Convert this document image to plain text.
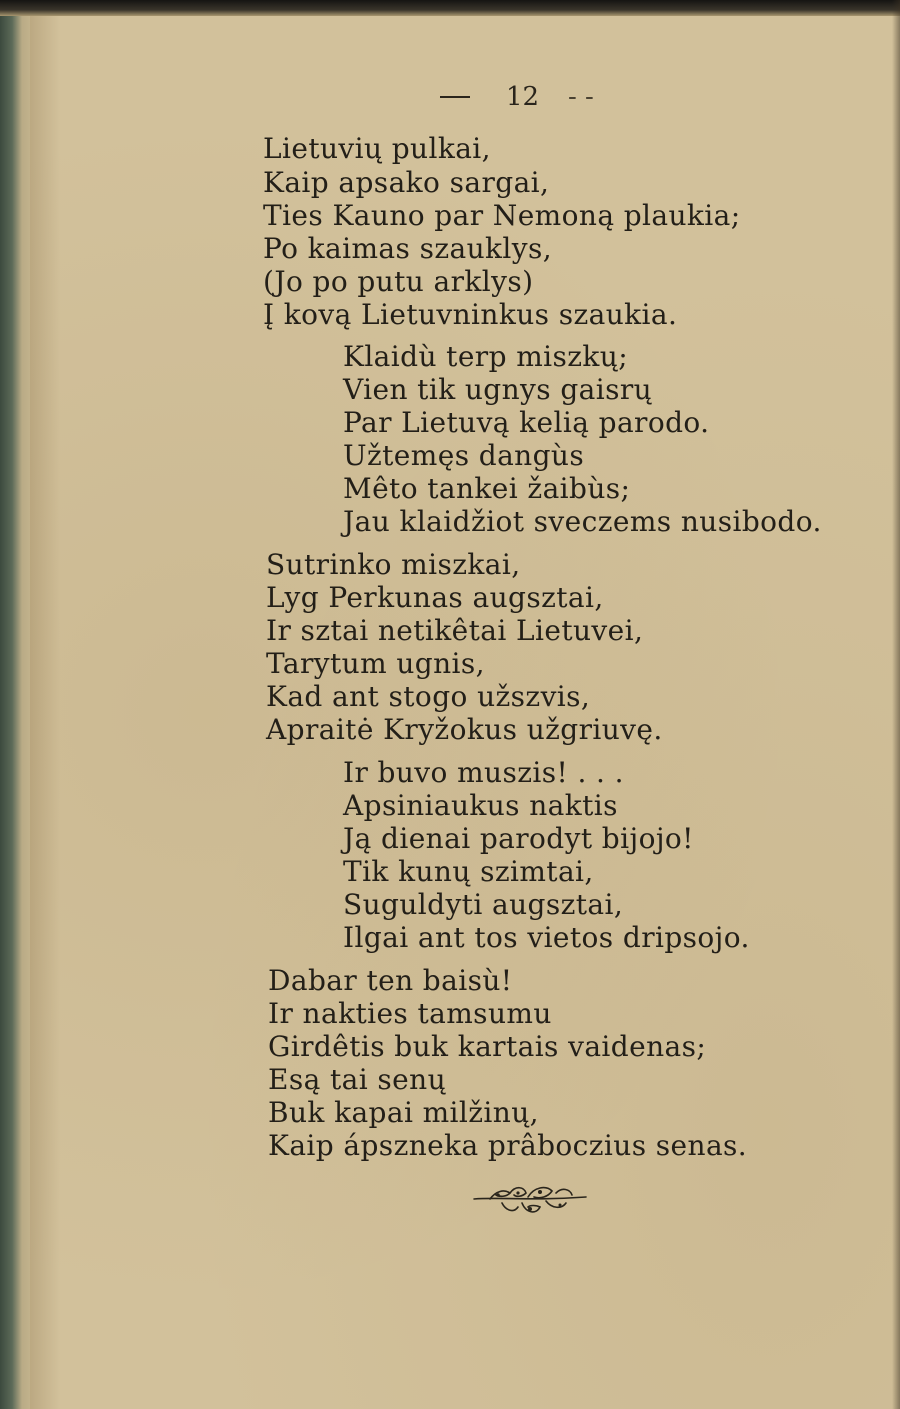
12

- -

Lietuvių pulkai,
Kaip apsako sargai,
Ties Kauno par Nemoną plaukia;
Po kaimas szauklys,
(Jo po putu arklys)
Į kovą Lietuvninkus szaukia.
Klaidù terp miszkų;
Vien tik ugnys gaisrų
Par Lietuvą kelią parodo.
Užtemęs dangùs
Mêto tankei žaibùs;
Jau klaidžiot sveczems nusibodo.
Sutrinko miszkai,
Lyg Perkunas augsztai,
Ir sztai netikêtai Lietuvei,
Tarytum ugnis,
Kad ant stogo užszvis,
Apraitė Kryžokus užgriuvę.
Ir buvo muszis! . . .
Apsiniaukus naktis
Ją dienai parodyt bijojo!
Tik kunų szimtai,
Suguldyti augsztai,
Ilgai ant tos vietos dripsojo.
Dabar ten baisù!
Ir nakties tamsumu
Girdêtis buk kartais vaidenas;
Esą tai senų
Buk kapai milžinų,
Kaip ápszneka prâboczius senas.
